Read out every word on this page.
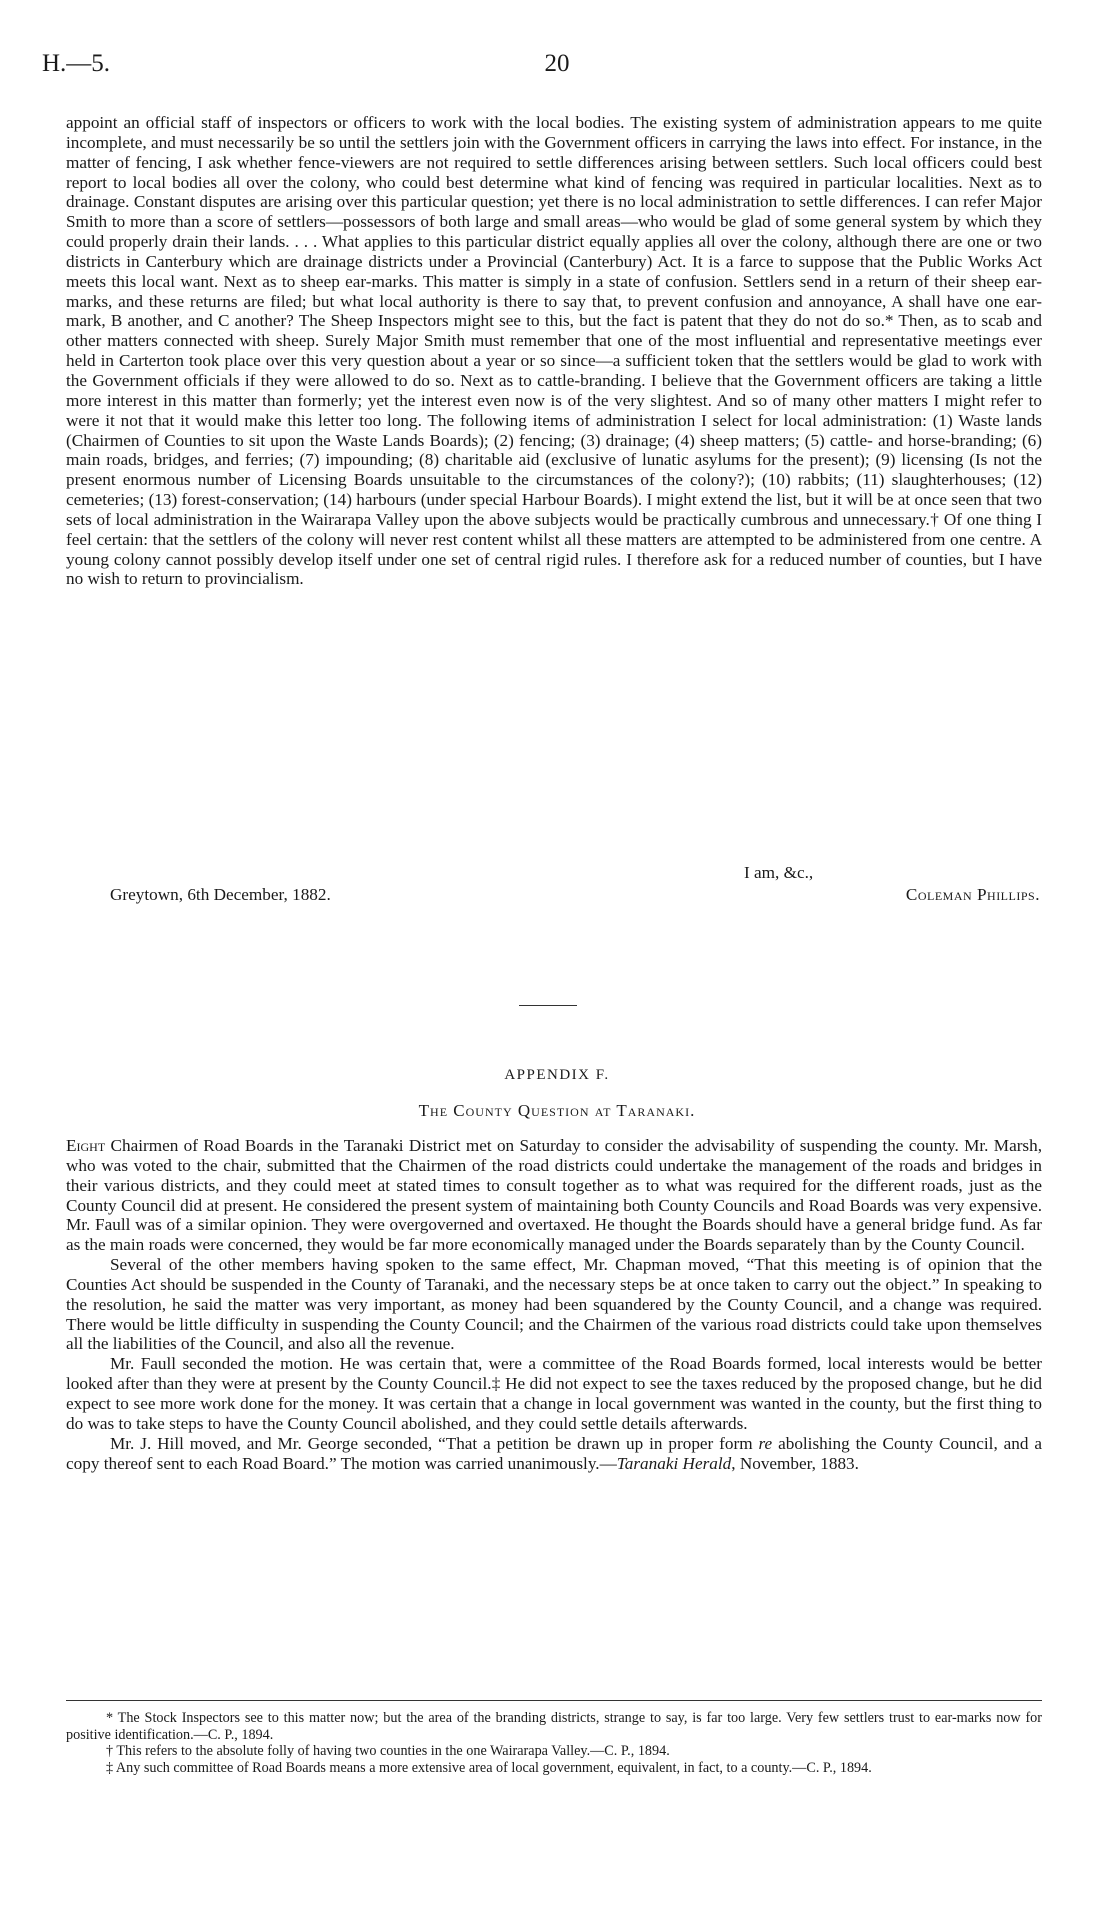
H.—5.	20
appoint an official staff of inspectors or officers to work with the local bodies. The existing system of administration appears to me quite incomplete, and must necessarily be so until the settlers join with the Government officers in carrying the laws into effect. For instance, in the matter of fencing, I ask whether fence-viewers are not required to settle differences arising between settlers. Such local officers could best report to local bodies all over the colony, who could best determine what kind of fencing was required in particular localities. Next as to drainage. Constant disputes are arising over this particular question; yet there is no local administration to settle differences. I can refer Major Smith to more than a score of settlers—possessors of both large and small areas—who would be glad of some general system by which they could properly drain their lands. . . . What applies to this particular district equally applies all over the colony, although there are one or two districts in Canterbury which are drainage districts under a Provincial (Canterbury) Act. It is a farce to suppose that the Public Works Act meets this local want. Next as to sheep ear-marks. This matter is simply in a state of confusion. Settlers send in a return of their sheep ear-marks, and these returns are filed; but what local authority is there to say that, to prevent confusion and annoyance, A shall have one ear-mark, B another, and C another? The Sheep Inspectors might see to this, but the fact is patent that they do not do so.* Then, as to scab and other matters connected with sheep. Surely Major Smith must remember that one of the most influential and representative meetings ever held in Carterton took place over this very question about a year or so since—a sufficient token that the settlers would be glad to work with the Government officials if they were allowed to do so. Next as to cattle-branding. I believe that the Government officers are taking a little more interest in this matter than formerly; yet the interest even now is of the very slightest. And so of many other matters I might refer to were it not that it would make this letter too long. The following items of administration I select for local administration: (1) Waste lands (Chairmen of Counties to sit upon the Waste Lands Boards); (2) fencing; (3) drainage; (4) sheep matters; (5) cattle- and horse-branding; (6) main roads, bridges, and ferries; (7) impounding; (8) charitable aid (exclusive of lunatic asylums for the present); (9) licensing (Is not the present enormous number of Licensing Boards unsuitable to the circumstances of the colony?); (10) rabbits; (11) slaughterhouses; (12) cemeteries; (13) forest-conservation; (14) harbours (under special Harbour Boards). I might extend the list, but it will be at once seen that two sets of local administration in the Wairarapa Valley upon the above subjects would be practically cumbrous and unnecessary.† Of one thing I feel certain: that the settlers of the colony will never rest content whilst all these matters are attempted to be administered from one centre. A young colony cannot possibly develop itself under one set of central rigid rules. I therefore ask for a reduced number of counties, but I have no wish to return to provincialism.
I am, &c.,
Greytown, 6th December, 1882.	Coleman Phillips.
APPENDIX F.
The County Question at Taranaki.

Eight Chairmen of Road Boards in the Taranaki District met on Saturday to consider the advisability of suspending the county. Mr. Marsh, who was voted to the chair, submitted that the Chairmen of the road districts could undertake the management of the roads and bridges in their various districts, and they could meet at stated times to consult together as to what was required for the different roads, just as the County Council did at present. He considered the present system of maintaining both County Councils and Road Boards was very expensive. Mr. Faull was of a similar opinion. They were overgoverned and overtaxed. He thought the Boards should have a general bridge fund. As far as the main roads were concerned, they would be far more economically managed under the Boards separately than by the County Council.

Several of the other members having spoken to the same effect, Mr. Chapman moved, “That this meeting is of opinion that the Counties Act should be suspended in the County of Taranaki, and the necessary steps be at once taken to carry out the object.” In speaking to the resolution, he said the matter was very important, as money had been squandered by the County Council, and a change was required. There would be little difficulty in suspending the County Council; and the Chairmen of the various road districts could take upon themselves all the liabilities of the Council, and also all the revenue.

Mr. Faull seconded the motion. He was certain that, were a committee of the Road Boards formed, local interests would be better looked after than they were at present by the County Council.‡ He did not expect to see the taxes reduced by the proposed change, but he did expect to see more work done for the money. It was certain that a change in local government was wanted in the county, but the first thing to do was to take steps to have the County Council abolished, and they could settle details afterwards.

Mr. J. Hill moved, and Mr. George seconded, “That a petition be drawn up in proper form re abolishing the County Council, and a copy thereof sent to each Road Board.” The motion was carried unanimously.—Taranaki Herald, November, 1883.

* The Stock Inspectors see to this matter now; but the area of the branding districts, strange to say, is far too large. Very few settlers trust to ear-marks now for positive identification.—C. P., 1894.

† This refers to the absolute folly of having two counties in the one Wairarapa Valley.—C. P., 1894.

‡ Any such committee of Road Boards means a more extensive area of local government, equivalent, in fact, to a county.—C. P., 1894.
